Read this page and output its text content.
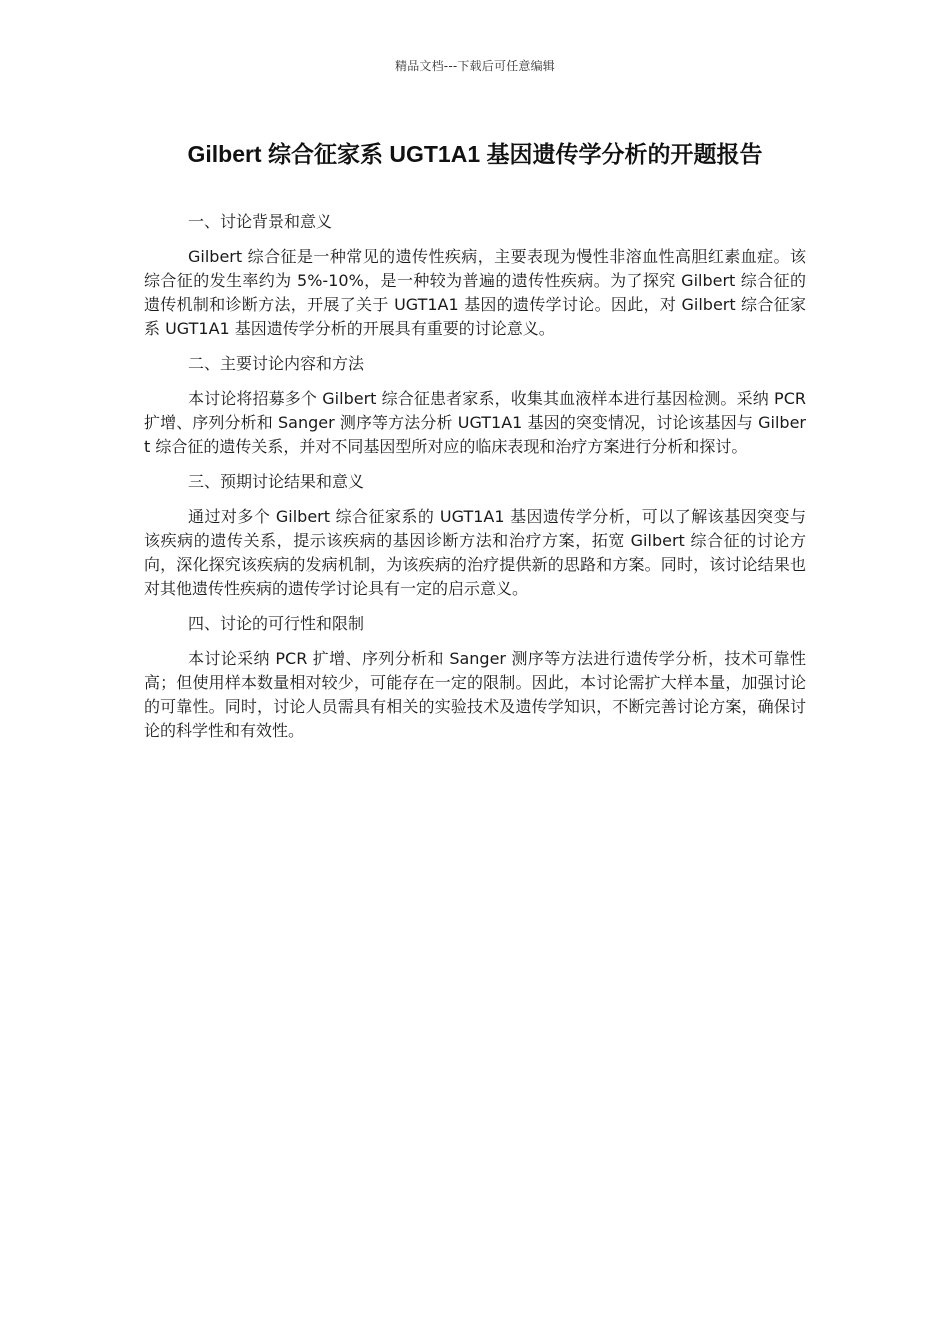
精品文档---下载后可任意编辑
Gilbert 综合征家系 UGT1A1 基因遗传学分析的开题报告

一、讨论背景和意义

Gilbert 综合征是一种常见的遗传性疾病，主要表现为慢性非溶血性高胆红素血症。该综合征的发生率约为 5%-10%，是一种较为普遍的遗传性疾病。为了探究 Gilbert 综合征的遗传机制和诊断方法，开展了关于 UGT1A1 基因的遗传学讨论。因此，对 Gilbert 综合征家系 UGT1A1 基因遗传学分析的开展具有重要的讨论意义。

二、主要讨论内容和方法

本讨论将招募多个 Gilbert 综合征患者家系，收集其血液样本进行基因检测。采纳 PCR 扩增、序列分析和 Sanger 测序等方法分析 UGT1A1 基因的突变情况，讨论该基因与 Gilbert 综合征的遗传关系，并对不同基因型所对应的临床表现和治疗方案进行分析和探讨。

三、预期讨论结果和意义

通过对多个 Gilbert 综合征家系的 UGT1A1 基因遗传学分析，可以了解该基因突变与该疾病的遗传关系，提示该疾病的基因诊断方法和治疗方案，拓宽 Gilbert 综合征的讨论方向，深化探究该疾病的发病机制，为该疾病的治疗提供新的思路和方案。同时，该讨论结果也对其他遗传性疾病的遗传学讨论具有一定的启示意义。

四、讨论的可行性和限制

本讨论采纳 PCR 扩增、序列分析和 Sanger 测序等方法进行遗传学分析，技术可靠性高；但使用样本数量相对较少，可能存在一定的限制。因此，本讨论需扩大样本量，加强讨论的可靠性。同时，讨论人员需具有相关的实验技术及遗传学知识，不断完善讨论方案，确保讨论的科学性和有效性。
